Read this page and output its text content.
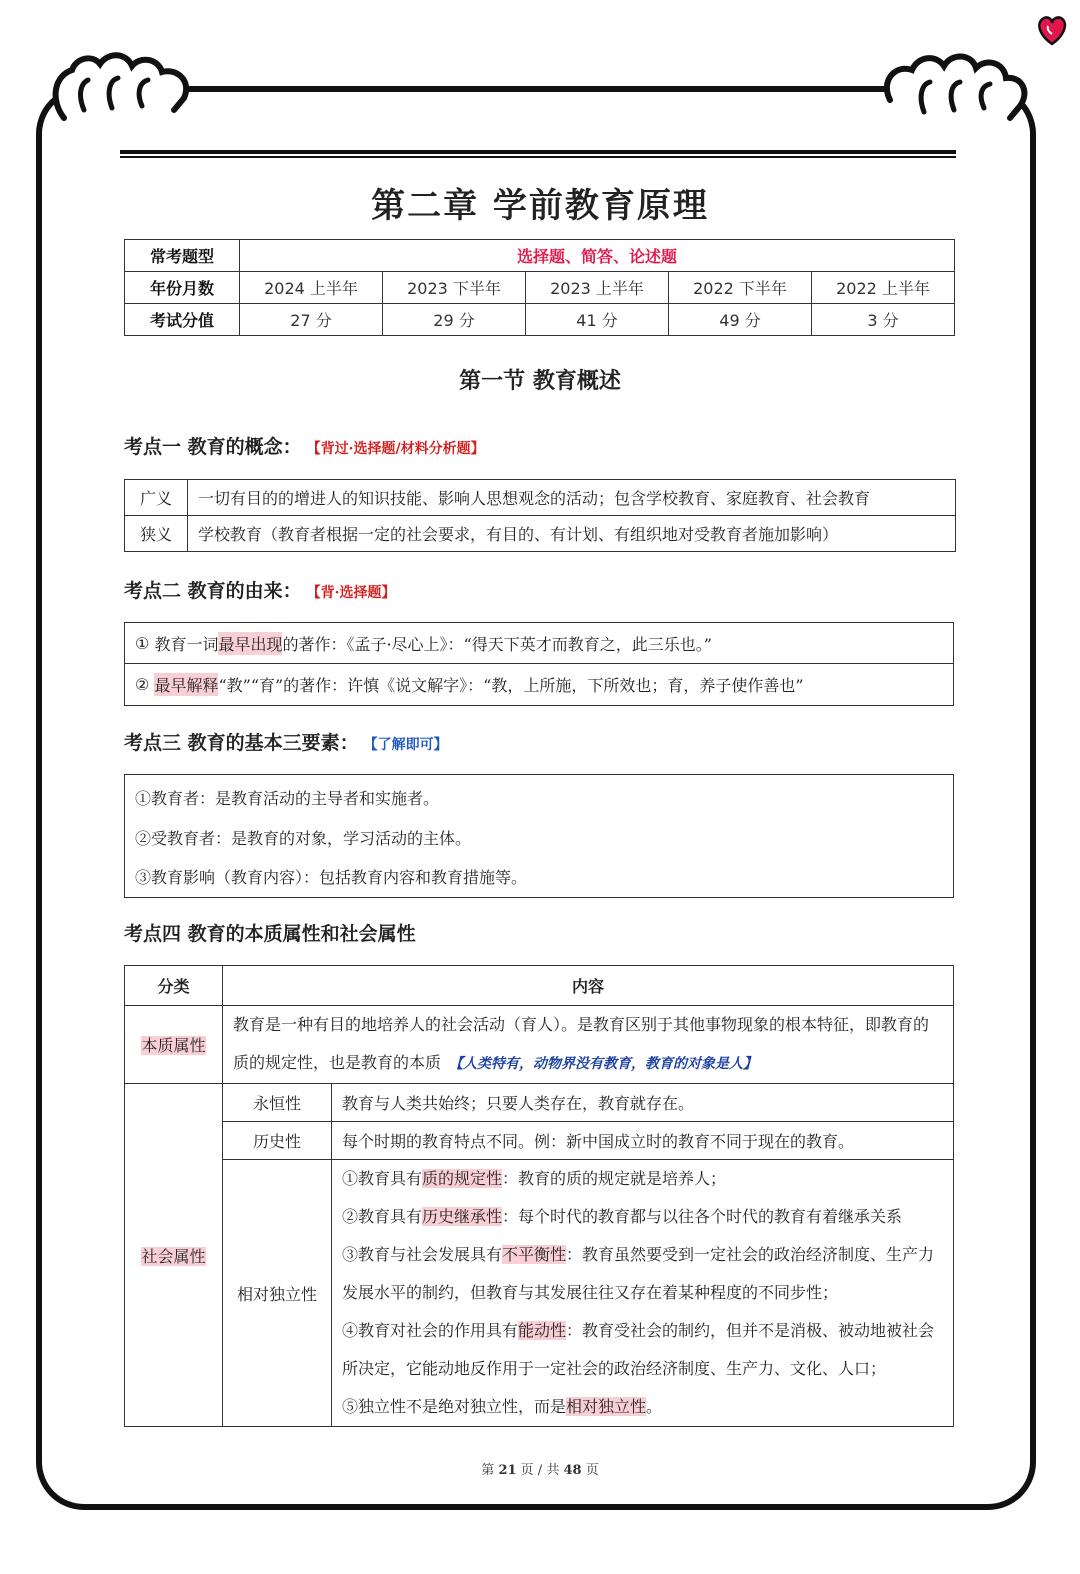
第二章 学前教育原理
常考题型	选择题、简答、论述题				
年份月数	2024 上半年	2023 下半年	2023 上半年	2022 下半年	2022 上半年
考试分值	27 分	29 分	41 分	49 分	3 分
第一节 教育概述
考点一 教育的概念： 【背过·选择题/材料分析题】
广义	一切有目的的增进人的知识技能、影响人思想观念的活动；包含学校教育、家庭教育、社会教育
狭义	学校教育（教育者根据一定的社会要求，有目的、有计划、有组织地对受教育者施加影响）
考点二 教育的由来： 【背·选择题】
①
教育一词 最早出现 的著作：《孟子·尽心上》：“得天下英才而教育之，此三乐也。”
②
最早解释 “教”“育”的著作：许慎《说文解字》：“教，上所施，下所效也；育，养子使作善也”
考点三 教育的基本三要素： 【了解即可】
①教育者：是教育活动的主导者和实施者。
②受教育者：是教育的对象，学习活动的主体。
③教育影响（教育内容）：包括教育内容和教育措施等。
考点四 教育的本质属性和社会属性
分类	内容	
本质属性	教育是一种有目的地培养人的社会活动（育人）。是教育区别于其他事物现象的根本特征，即教育的质的规定性，也是教育的本质 【人类特有，动物界没有教育，教育的对象是人】	
社会属性	永恒性	教育与人类共始终；只要人类存在，教育就存在。
	历史性	每个时期的教育特点不同。例：新中国成立时的教育不同于现在的教育。
	相对独立性	①教育具有质的规定性：教育的质的规定就是培养人；
②教育具有历史继承性：每个时代的教育都与以往各个时代的教育有着继承关系
③教育与社会发展具有不平衡性：教育虽然要受到一定社会的政治经济制度、生产力发展水平的制约，但教育与其发展往往又存在着某种程度的不同步性；
④教育对社会的作用具有能动性：教育受社会的制约，但并不是消极、被动地被社会所决定，它能动地反作用于一定社会的政治经济制度、生产力、文化、人口；
⑤独立性不是绝对独立性，而是相对独立性。
第 21 页 / 共 48 页
